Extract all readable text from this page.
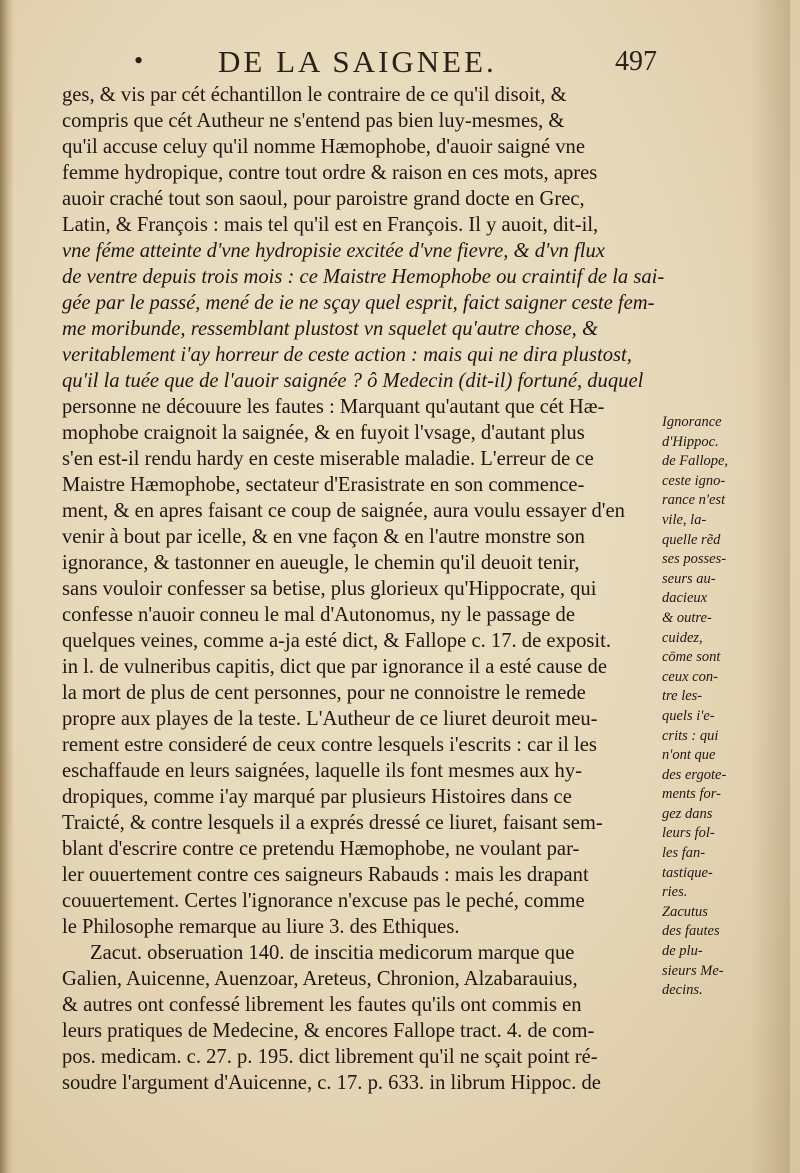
• DE LA SAIGNEE.	497
ges, & vis par cét échantillon le contraire de ce qu'il disoit, &
compris que cét Autheur ne s'entend pas bien luy-mesmes, &
qu'il accuse celuy qu'il nomme Hæmophobe, d'auoir saigné vne
femme hydropique, contre tout ordre & raison en ces mots, apres
auoir craché tout son saoul, pour paroistre grand docte en Grec,
Latin, & François : mais tel qu'il est en François. Il y auoit, dit-il,
vne féme atteinte d'vne hydropisie excitée d'vne fievre, & d'vn flux
de ventre depuis trois mois : ce Maistre Hemophobe ou craintif de la sai-
gée par le passé, mené de ie ne sçay quel esprit, faict saigner ceste fem-
me moribunde, ressemblant plustost vn squelet qu'autre chose, &
veritablement i'ay horreur de ceste action : mais qui ne dira plustost,
qu'il la tuée que de l'auoir saignée ? ô Medecin (dit-il) fortuné, duquel
personne ne découure les fautes : Marquant qu'autant que cét Hæ-
mophobe craignoit la saignée, & en fuyoit l'vsage, d'autant plus
s'en est-il rendu hardy en ceste miserable maladie. L'erreur de ce
Maistre Hæmophobe, sectateur d'Erasistrate en son commence-
ment, & en apres faisant ce coup de saignée, aura voulu essayer d'en
venir à bout par icelle, & en vne façon & en l'autre monstre son
ignorance, & tastonner en aueugle, le chemin qu'il deuoit tenir,
sans vouloir confesser sa betise, plus glorieux qu'Hippocrate, qui
confesse n'auoir conneu le mal d'Autonomus, ny le passage de
quelques veines, comme a-ja esté dict, & Fallope c. 17. de exposit.
in l. de vulneribus capitis, dict que par ignorance il a esté cause de
la mort de plus de cent personnes, pour ne connoistre le remede
propre aux playes de la teste. L'Autheur de ce liuret deuroit meu-
rement estre consideré de ceux contre lesquels i'escrits : car il les
eschaffaude en leurs saignées, laquelle ils font mesmes aux hy-
dropiques, comme i'ay marqué par plusieurs Histoires dans ce
Traicté, & contre lesquels il a exprés dressé ce liuret, faisant sem-
blant d'escrire contre ce pretendu Hæmophobe, ne voulant par-
ler ouuertement contre ces saigneurs Rabauds : mais les drapant
couuertement. Certes l'ignorance n'excuse pas le peché, comme
le Philosophe remarque au liure 3. des Ethiques.
Zacut. obseruation 140. de inscitia medicorum marque que
Galien, Auicenne, Auenzoar, Areteus, Chronion, Alzabarauius,
& autres ont confessé librement les fautes qu'ils ont commis en
leurs pratiques de Medecine, & encores Fallope tract. 4. de com-
pos. medicam. c. 27. p. 195. dict librement qu'il ne sçait point ré-
soudre l'argument d'Auicenne, c. 17. p. 633. in librum Hippoc. de
Ignorance
d'Hippoc.
de Fallope,
ceste igno-
rance n'est
vile, la-
quelle rẽd
ses posses-
seurs au-
dacieux
& outre-
cuidez,
cōme sont
ceux con-
tre les-
quels i'e-
crits : qui
n'ont que
des ergote-
ments for-
gez dans
leurs fol-
les fan-
tastique-
ries.
Zacutus
des fautes
de plu-
sieurs Me-
decins.
